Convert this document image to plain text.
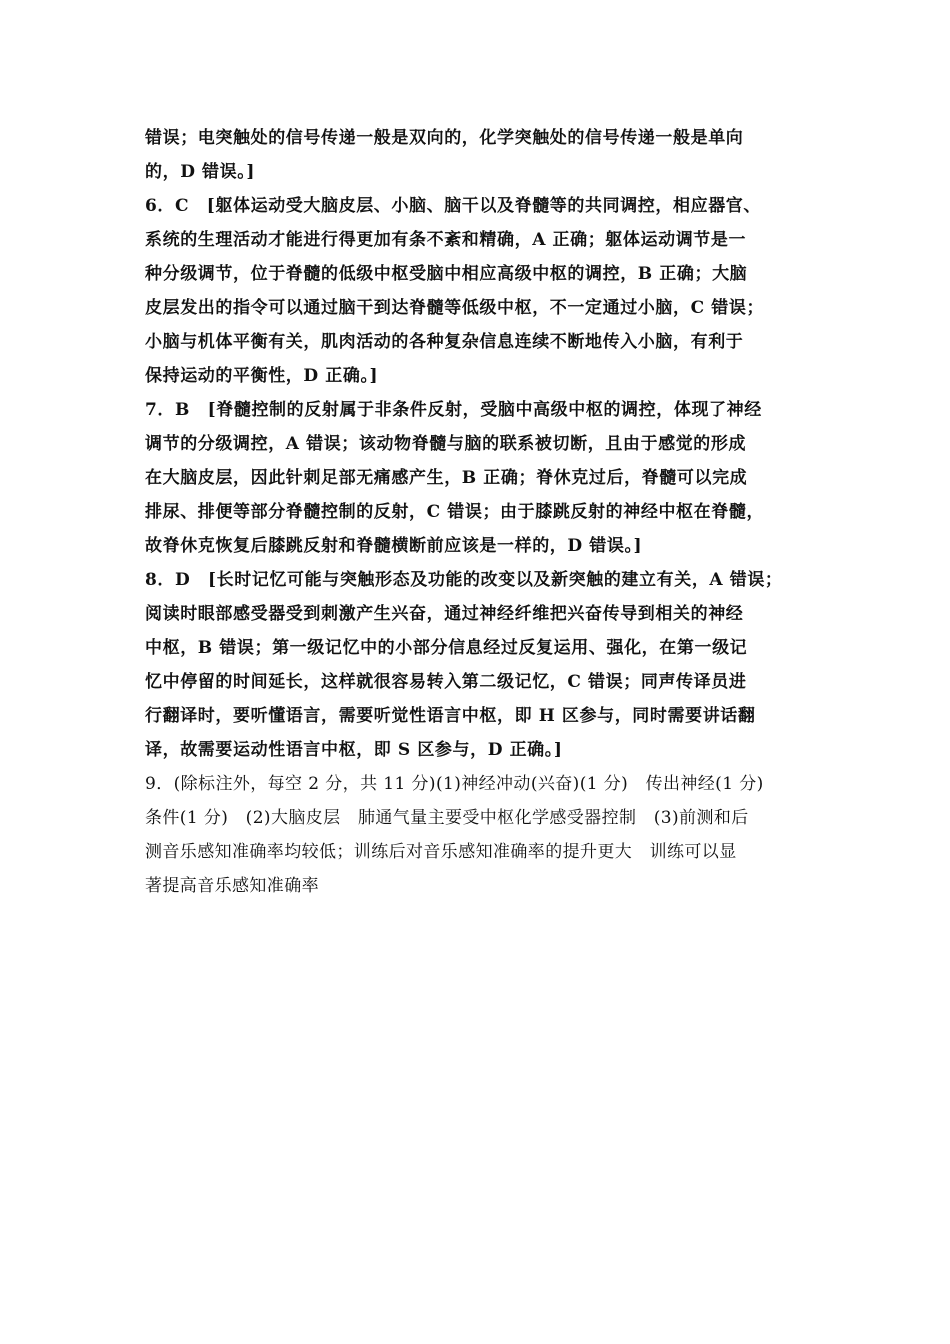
错误；电突触处的信号传递一般是双向的，化学突触处的信号传递一般是单向
的，D 错误。]
6．C　[躯体运动受大脑皮层、小脑、脑干以及脊髓等的共同调控，相应器官、
系统的生理活动才能进行得更加有条不紊和精确，A 正确；躯体运动调节是一
种分级调节，位于脊髓的低级中枢受脑中相应高级中枢的调控，B 正确；大脑
皮层发出的指令可以通过脑干到达脊髓等低级中枢，不一定通过小脑，C 错误；
小脑与机体平衡有关，肌肉活动的各种复杂信息连续不断地传入小脑，有利于
保持运动的平衡性，D 正确。]
7．B　[脊髓控制的反射属于非条件反射，受脑中高级中枢的调控，体现了神经
调节的分级调控，A 错误；该动物脊髓与脑的联系被切断，且由于感觉的形成
在大脑皮层，因此针刺足部无痛感产生，B 正确；脊休克过后，脊髓可以完成
排尿、排便等部分脊髓控制的反射，C 错误；由于膝跳反射的神经中枢在脊髓，
故脊休克恢复后膝跳反射和脊髓横断前应该是一样的，D 错误。]
8．D　[长时记忆可能与突触形态及功能的改变以及新突触的建立有关，A 错误；
阅读时眼部感受器受到刺激产生兴奋，通过神经纤维把兴奋传导到相关的神经
中枢，B 错误；第一级记忆中的小部分信息经过反复运用、强化，在第一级记
忆中停留的时间延长，这样就很容易转入第二级记忆，C 错误；同声传译员进
行翻译时，要听懂语言，需要听觉性语言中枢，即 H 区参与，同时需要讲话翻
译，故需要运动性语言中枢，即 S 区参与，D 正确。]
9．(除标注外，每空 2 分，共 11 分)(1)神经冲动(兴奋)(1 分)　传出神经(1 分)
条件(1 分)　(2)大脑皮层　肺通气量主要受中枢化学感受器控制　(3)前测和后
测音乐感知准确率均较低；训练后对音乐感知准确率的提升更大　训练可以显
著提高音乐感知准确率
